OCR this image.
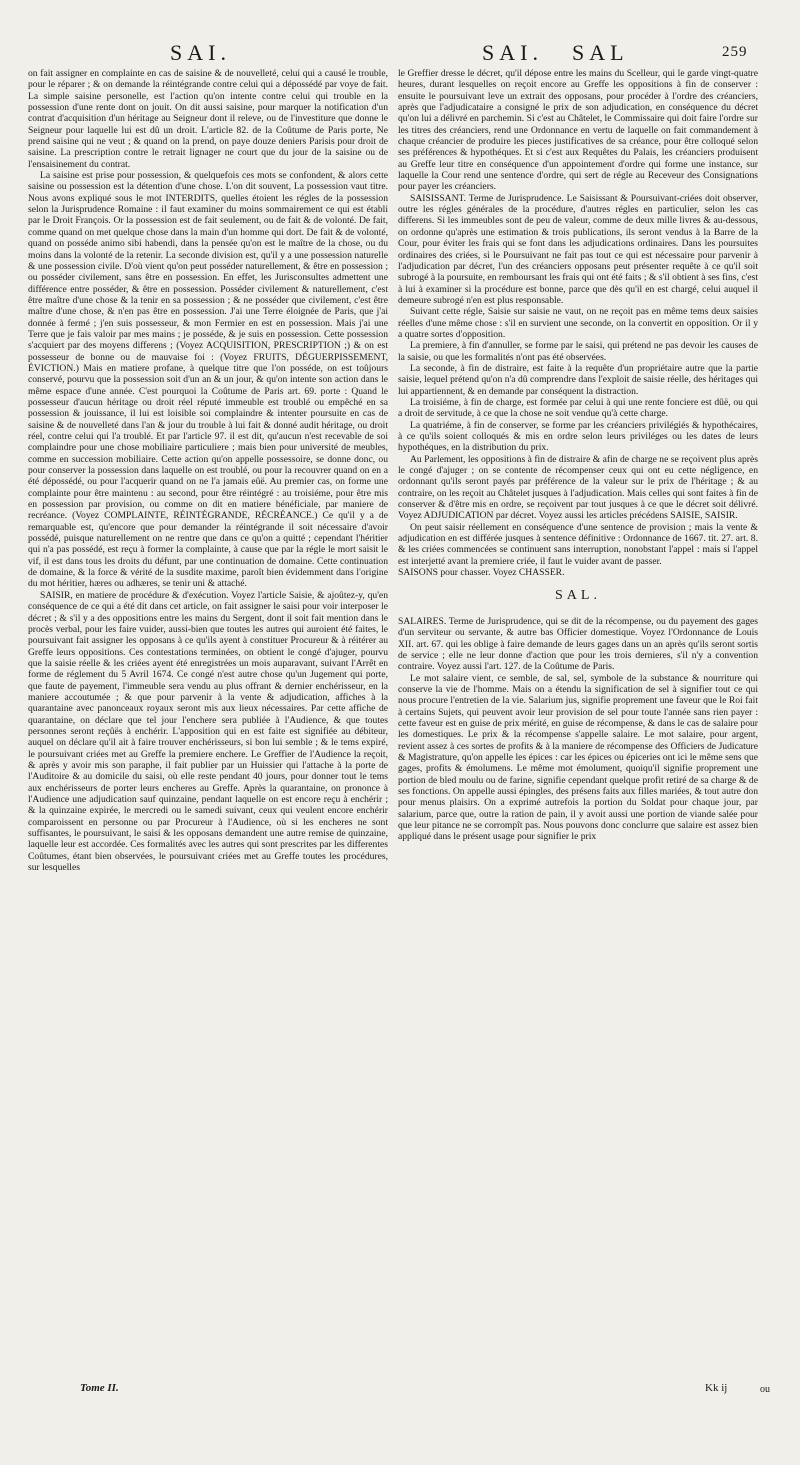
SAI.	SAI. SAL	259

on fait assigner en complainte en cas de saisine & de nouvelleté, celui qui a causé le trouble, pour le réparer ; & on demande la réintégrande contre celui qui a dépossédé par voye de fait. La simple saisine personelle, est l'action qu'on intente contre celui qui trouble en la possession d'une rente dont on jouit. On dit aussi saisine, pour marquer la notification d'un contrat d'acquisition d'un héritage au Seigneur dont il releve, ou de l'investiture que donne le Seigneur pour laquelle lui est dû un droit. L'article 82. de la Coûtume de Paris porte, Ne prend saisine qui ne veut ; & quand on la prend, on paye douze deniers Parisis pour droit de saisine. La prescription contre le retrait lignager ne court que du jour de la saisine ou de l'ensaisinement du contrat.

La saisine est prise pour possession, & quelquefois ces mots se confondent, & alors cette saisine ou possession est la détention d'une chose. L'on dit souvent, La possession vaut titre. Nous avons expliqué sous le mot INTERDITS, quelles étoient les régles de la possession selon la Jurisprudence Romaine : il faut examiner du moins sommairement ce qui est établi par le Droit François. Or la possession est de fait seulement, ou de fait & de volonté. De fait, comme quand on met quelque chose dans la main d'un homme qui dort. De fait & de volonté, quand on posséde animo sibi habendi, dans la pensée qu'on est le maître de la chose, ou du moins dans la volonté de la retenir. La seconde division est, qu'il y a une possession naturelle & une possession civile. D'où vient qu'on peut posséder naturellement, & être en possession ; ou posséder civilement, sans être en possession. En effet, les Jurisconsultes admettent une différence entre posséder, & être en possession. Posséder civilement & naturellement, c'est être maître d'une chose & la tenir en sa possession ; & ne posséder que civilement, c'est être maître d'une chose, & n'en pas être en possession. J'ai une Terre éloignée de Paris, que j'ai donnée à fermé ; j'en suis possesseur, & mon Fermier en est en possession. Mais j'ai une Terre que je fais valoir par mes mains ; je posséde, & je suis en possession. Cette possession s'acquiert par des moyens differens ; (Voyez ACQUISITION, PRESCRIPTION ;) & on est possesseur de bonne ou de mauvaise foi : (Voyez FRUITS, DÉGUERPISSEMENT, ÉVICTION.) Mais en matiere profane, à quelque titre que l'on posséde, on est toûjours conservé, pourvu que la possession soit d'un an & un jour, & qu'on intente son action dans le même espace d'une année. C'est pourquoi la Coûtume de Paris art. 69. porte : Quand le possesseur d'aucun héritage ou droit réel réputé immeuble est troublé ou empêché en sa possession & jouissance, il lui est loisible soi complaindre & intenter poursuite en cas de saisine & de nouvelleté dans l'an & jour du trouble à lui fait & donné audit héritage, ou droit réel, contre celui qui l'a troublé. Et par l'article 97. il est dit, qu'aucun n'est recevable de soi complaindre pour une chose mobiliaire particuliere ; mais bien pour université de meubles, comme en succession mobiliaire. Cette action qu'on appelle possessoire, se donne donc, ou pour conserver la possession dans laquelle on est troublé, ou pour la recouvrer quand on en a été dépossédé, ou pour l'acquerir quand on ne l'a jamais eûë. Au premier cas, on forme une complainte pour être maintenu : au second, pour être réintégré : au troisiéme, pour être mis en possession par provision, ou comme on dit en matiere bénéficiale, par maniere de recréance. (Voyez COMPLAINTE, RÉINTÉGRANDE, RÉCRÉANCE.) Ce qu'il y a de remarquable est, qu'encore que pour demander la réintégrande il soit nécessaire d'avoir possédé, puisque naturellement on ne rentre que dans ce qu'on a quitté ; cependant l'héritier qui n'a pas possédé, est reçu à former la complainte, à cause que par la régle le mort saisit le vif, il est dans tous les droits du défunt, par une continuation de domaine. Cette continuation de domaine, & la force & vérité de la susdite maxime, paroît bien évidemment dans l'origine du mot héritier, hæres ou adhæres, se tenir uni & attaché.

SAISIR, en matiere de procédure & d'exécution. Voyez l'article Saisie, & ajoûtez-y, qu'en conséquence de ce qui a été dit dans cet article, on fait assigner le saisi pour voir interposer le décret ; & s'il y a des oppositions entre les mains du Sergent, dont il soit fait mention dans le procès verbal, pour les faire vuider, aussi-bien que toutes les autres qui auroient été faites, le poursuivant fait assigner les opposans à ce qu'ils ayent à constituer Procureur & à réitérer au Greffe leurs oppositions. Ces contestations terminées, on obtient le congé d'ajuger, pourvu que la saisie réelle & les criées ayent été enregistrées un mois auparavant, suivant l'Arrêt en forme de réglement du 5 Avril 1674. Ce congé n'est autre chose qu'un Jugement qui porte, que faute de payement, l'immeuble sera vendu au plus offrant & dernier enchérisseur, en la maniere accoutumée ; & que pour parvenir à la vente & adjudication, affiches à la quarantaine avec panonceaux royaux seront mis aux lieux nécessaires. Par cette affiche de quarantaine, on déclare que tel jour l'enchere sera publiée à l'Audience, & que toutes personnes seront reçûës à enchérir. L'apposition qui en est faite est signifiée au débiteur, auquel on déclare qu'il ait à faire trouver enchérisseurs, si bon lui semble ; & le tems expiré, le poursuivant criées met au Greffe la premiere enchere. Le Greffier de l'Audience la reçoit, & après y avoir mis son paraphe, il fait publier par un Huissier qui l'attache à la porte de l'Auditoire & au domicile du saisi, où elle reste pendant 40 jours, pour donner tout le tems aux enchérisseurs de porter leurs encheres au Greffe. Après la quarantaine, on prononce à l'Audience une adjudication sauf quinzaine, pendant laquelle on est encore reçu à enchérir ; & la quinzaine expirée, le mercredi ou le samedi suivant, ceux qui veulent encore enchérir comparoissent en personne ou par Procureur à l'Audience, où si les encheres ne sont suffisantes, le poursuivant, le saisi & les opposans demandent une autre remise de quinzaine, laquelle leur est accordée. Ces formalités avec les autres qui sont prescrites par les differentes Coûtumes, étant bien observées, le poursuivant criées met au Greffe toutes les procédures, sur lesquelles

le Greffier dresse le décret, qu'il dépose entre les mains du Scelleur, qui le garde vingt-quatre heures, durant lesquelles on reçoit encore au Greffe les oppositions à fin de conserver : ensuite le poursuivant leve un extrait des opposans, pour procéder à l'ordre des créanciers, après que l'adjudicataire a consigné le prix de son adjudication, en conséquence du décret qu'on lui a délivré en parchemin. Si c'est au Châtelet, le Commissaire qui doit faire l'ordre sur les titres des créanciers, rend une Ordonnance en vertu de laquelle on fait commandement à chaque créancier de produire les pieces justificatives de sa créance, pour être colloqué selon ses préférences & hypothéques. Et si c'est aux Requêtes du Palais, les créanciers produisent au Greffe leur titre en conséquence d'un appointement d'ordre qui forme une instance, sur laquelle la Cour rend une sentence d'ordre, qui sert de régle au Receveur des Consignations pour payer les créanciers.

SAISISSANT. Terme de Jurisprudence. Le Saisissant & Poursuivant-criées doit observer, outre les régles générales de la procédure, d'autres régles en particulier, selon les cas differens. Si les immeubles sont de peu de valeur, comme de deux mille livres & au-dessous, on ordonne qu'après une estimation & trois publications, ils seront vendus à la Barre de la Cour, pour éviter les frais qui se font dans les adjudications ordinaires. Dans les poursuites ordinaires des criées, si le Poursuivant ne fait pas tout ce qui est nécessaire pour parvenir à l'adjudication par décret, l'un des créanciers opposans peut présenter requête à ce qu'il soit subrogé à la poursuite, en remboursant les frais qui ont été faits ; & s'il obtient à ses fins, c'est à lui à examiner si la procédure est bonne, parce que dès qu'il en est chargé, celui auquel il demeure subrogé n'en est plus responsable.

Suivant cette régle, Saisie sur saisie ne vaut, on ne reçoit pas en même tems deux saisies réelles d'une même chose : s'il en survient une seconde, on la convertit en opposition. Or il y a quatre sortes d'opposition.

La premiere, à fin d'annuller, se forme par le saisi, qui prétend ne pas devoir les causes de la saisie, ou que les formalités n'ont pas été observées.

La seconde, à fin de distraire, est faite à la requête d'un propriétaire autre que la partie saisie, lequel prétend qu'on n'a dû comprendre dans l'exploit de saisie réelle, des héritages qui lui appartiennent, & en demande par conséquent la distraction.

La troisiéme, à fin de charge, est formée par celui à qui une rente fonciere est dûë, ou qui a droit de servitude, à ce que la chose ne soit vendue qu'à cette charge.

La quatriéme, à fin de conserver, se forme par les créanciers privilégiés & hypothécaires, à ce qu'ils soient colloqués & mis en ordre selon leurs priviléges ou les dates de leurs hypothéques, en la distribution du prix.

Au Parlement, les oppositions à fin de distraire & afin de charge ne se reçoivent plus après le congé d'ajuger ; on se contente de récompenser ceux qui ont eu cette négligence, en ordonnant qu'ils seront payés par préférence de la valeur sur le prix de l'héritage ; & au contraire, on les reçoit au Châtelet jusques à l'adjudication. Mais celles qui sont faites à fin de conserver & d'être mis en ordre, se reçoivent par tout jusques à ce que le décret soit délivré. Voyez ADJUDICATION par décret. Voyez aussi les articles précédens SAISIE, SAISIR.

On peut saisir réellement en conséquence d'une sentence de provision ; mais la vente & adjudication en est différée jusques à sentence définitive : Ordonnance de 1667. tit. 27. art. 8. & les criées commencées se continuent sans interruption, nonobstant l'appel : mais si l'appel est interjetté avant la premiere criée, il faut le vuider avant de passer.

SAISONS pour chasser. Voyez CHASSER.

SAL.

SALAIRES. Terme de Jurisprudence, qui se dit de la récompense, ou du payement des gages d'un serviteur ou servante, & autre bas Officier domestique. Voyez l'Ordonnance de Louis XII. art. 67. qui les oblige à faire demande de leurs gages dans un an après qu'ils seront sortis de service ; elle ne leur donne d'action que pour les trois dernieres, s'il n'y a convention contraire. Voyez aussi l'art. 127. de la Coûtume de Paris.

Le mot salaire vient, ce semble, de sal, sel, symbole de la substance & nourriture qui conserve la vie de l'homme. Mais on a étendu la signification de sel à signifier tout ce qui nous procure l'entretien de la vie. Salarium jus, signifie proprement une faveur que le Roi fait à certains Sujets, qui peuvent avoir leur provision de sel pour toute l'année sans rien payer : cette faveur est en guise de prix mérité, en guise de récompense, & dans le cas de salaire pour les domestiques. Le prix & la récompense s'appelle salaire. Le mot salaire, pour argent, revient assez à ces sortes de profits & à la maniere de récompense des Officiers de Judicature & Magistrature, qu'on appelle les épices : car les épices ou épiceries ont ici le même sens que gages, profits & émolumens. Le même mot émolument, quoiqu'il signifie proprement une portion de bled moulu ou de farine, signifie cependant quelque profit retiré de sa charge & de ses fonctions. On appelle aussi épingles, des présens faits aux filles mariées, & tout autre don pour menus plaisirs. On a exprimé autrefois la portion du Soldat pour chaque jour, par salarium, parce que, outre la ration de pain, il y avoit aussi une portion de viande salée pour que leur pitance ne se corrompît pas. Nous pouvons donc conclurre que salaire est assez bien appliqué dans le présent usage pour signifier le prix

Tome II.	Kk ij	ou
